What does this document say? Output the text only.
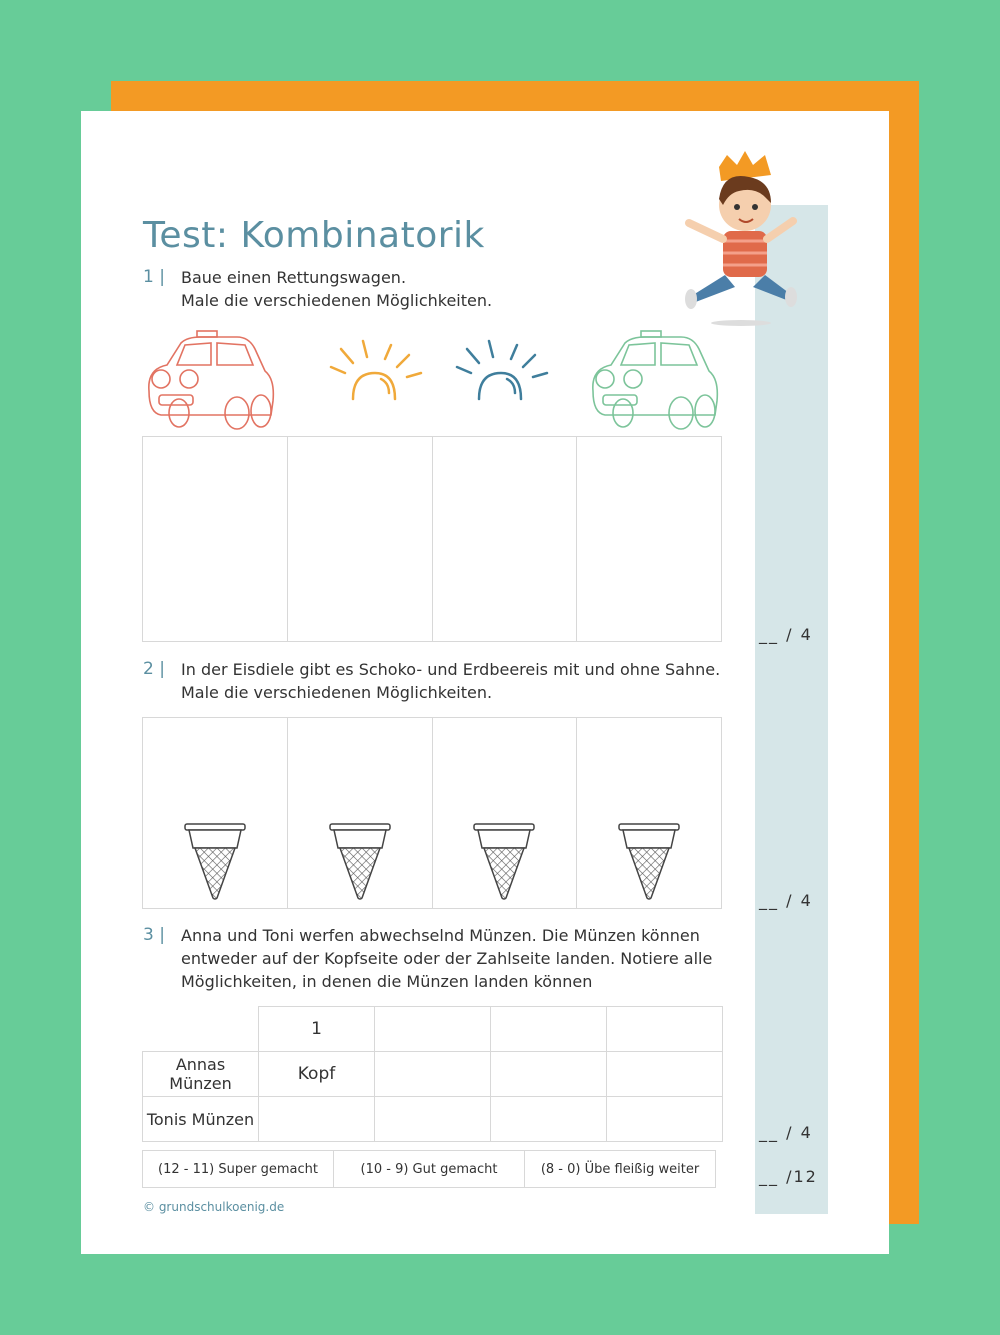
Test: Kombinatorik
1 | Baue einen Rettungswagen.
Male die verschiedenen Möglichkeiten.
__ / 4
2 | In der Eisdiele gibt es Schoko- und Erdbeereis mit und ohne Sahne.
Male die verschiedenen Möglichkeiten.
__ / 4
3 | Anna und Toni werfen abwechselnd Münzen. Die Münzen können
entweder auf der Kopfseite oder der Zahlseite landen. Notiere alle
Möglichkeiten, in denen die Münzen landen können
	1			
Annas Münzen	Kopf			
Tonis Münzen				
__ / 4
(12 - 11) Super gemacht	(10 - 9) Gut gemacht	(8 - 0) Übe fleißig weiter	__ /12
© grundschulkoenig.de
